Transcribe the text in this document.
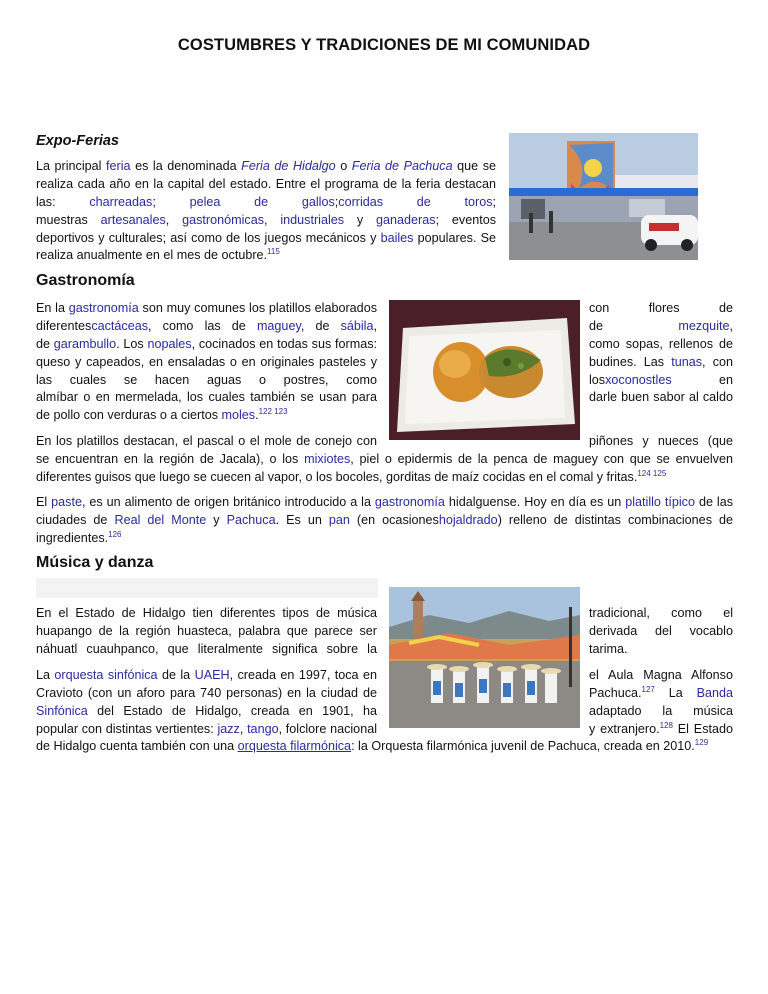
COSTUMBRES Y TRADICIONES DE MI COMUNIDAD
Expo-Ferias
La principal feria es la denominada Feria de Hidalgo o Feria de Pachuca que se
realiza cada año en la capital del estado. Entre el programa de la feria destacan
las: charreadas; pelea de gallos;corridas de toros;
muestras artesanales, gastronómicas, industriales y ganaderas; eventos
deportivos y culturales; así como de los juegos mecánicos y bailes populares. Se
realiza anualmente en el mes de octubre.$^{115}$
Gastronomía
En la gastronomía son muy comunes los platillos elaborados
diferentescactáceas, como las de maguey, de sábila,
de garambullo. Los nopales, cocinados en todas sus formas:
queso y capeados, en ensaladas o en originales pasteles y
las cuales se hacen aguas o postres, como
almíbar o en mermelada, los cuales también se usan para
de pollo con verduras o a ciertos moles.$^{122 123}$
con flores de
de mezquite,
como sopas, rellenos de
budines. Las tunas, con
losxoconostles en
darle buen sabor al caldo
En los platillos destacan, el pascal o el mole de conejo con	piñones y nueces (que
se encuentran en la región de Jacala), o los mixiotes, piel o epidermis de la penca de maguey con que se envuelven
diferentes guisos que luego se cuecen al vapor, o los bocoles, gorditas de maíz cocidas en el comal y fritas.$^{124 125}$
El paste, es un alimento de origen británico introducido a la gastronomía hidalguense. Hoy en día es un platillo típico de las
ciudades de Real del Monte y Pachuca. Es un pan (en ocasioneshojaldrado) relleno de distintas combinaciones de
ingredientes.$^{126}$
Música y danza
En el Estado de Hidalgo tien diferentes tipos de música
huapango de la región huasteca, palabra que parece ser
náhuatl cuauhpanco, que literalmente significa sobre la
tradicional, como el
derivada del vocablo
tarima.
La orquesta sinfónica de la UAEH, creada en 1997, toca en
Cravioto (con un aforo para 740 personas) en la ciudad de
Sinfónica del Estado de Hidalgo, creada en 1901, ha
popular con distintas vertientes: jazz, tango, folclore nacional
el Aula Magna Alfonso
Pachuca.$^{127}$ La Banda
adaptado la música
y extranjero.$^{128}$ El Estado
de Hidalgo cuenta también con una orquesta filarmónica: la Orquesta filarmónica juvenil de Pachuca, creada en 2010.$^{129}$
